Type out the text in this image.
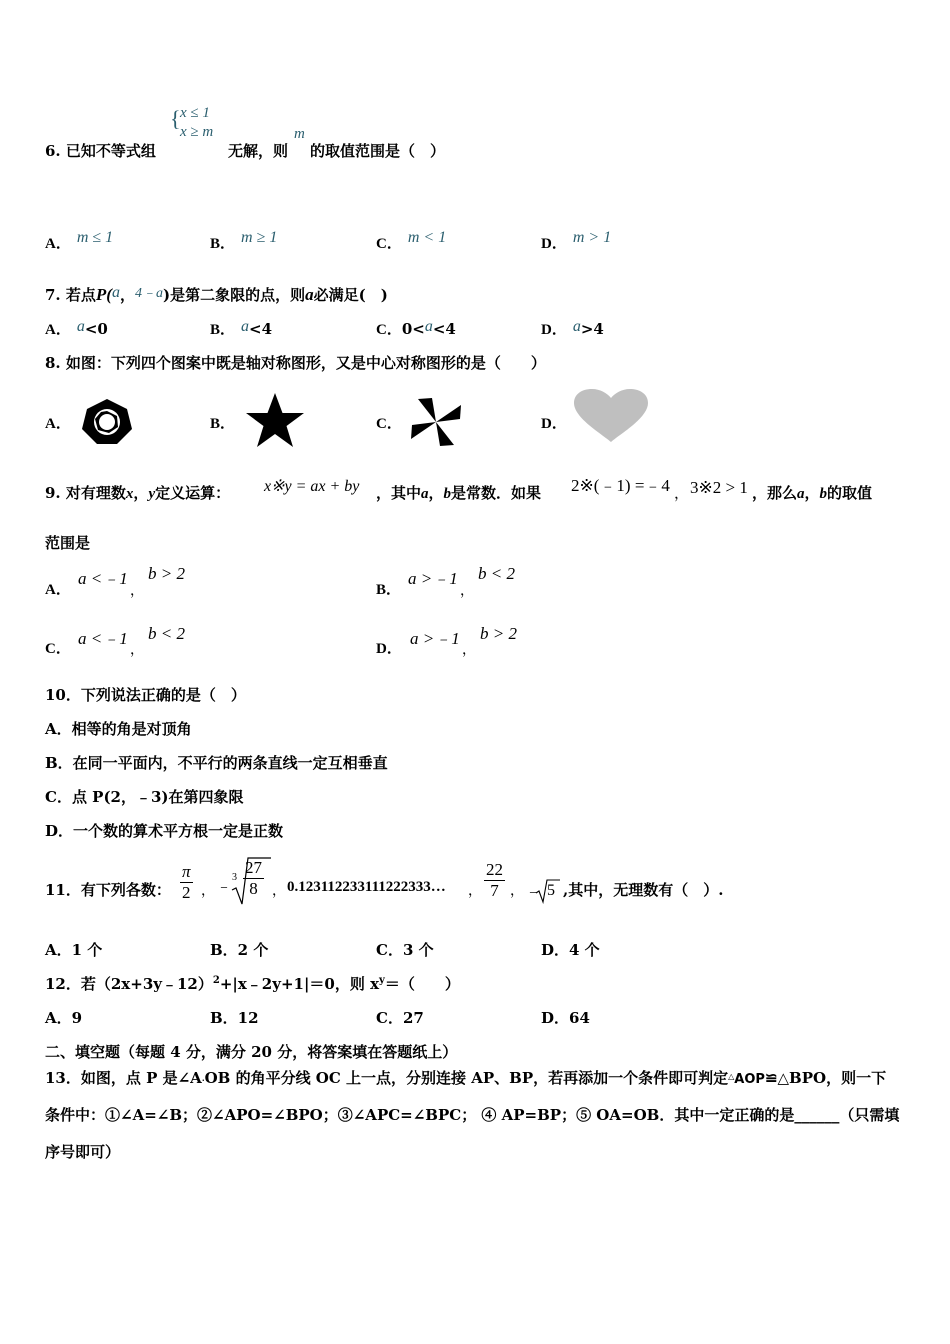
{ x ≤ 1
x ≥ m	m
6. 已知不等式组	无解，则 的取值范围是（　）
A． m ≤ 1	B． m ≥ 1	C． m < 1	D． m > 1
7. 若点P(a，4﹣a)是第二象限的点，则a必满足(　)
A． a<0	B． a<4	C．0<a<4	D． a>4
8. 如图：下列四个图案中既是轴对称图形，又是中心对称图形的是（　　）
A．	B．	C．	D．
9. 对有理数x，y定义运算： x※y = ax + by ，其中a，b是常数．如果 2※(﹣1) =﹣4 ， 3※2 > 1 ，那么a，b的取值
范围是
A．
a <﹣1
，
b > 2
B．
a >﹣1
，
b < 2
C．
a <﹣1
，
b < 2
D．
a >﹣1
，
b > 2
10．下列说法正确的是（　）
A．相等的角是对顶角
B．在同一平面内，不平行的两条直线一定互相垂直
C．点 P(2，﹣3)在第四象限
D．一个数的算术平方根一定是正数
11．有下列各数： $\frac{\pi}{2}$ ， ﹣
$3 \frac{27}{8}$ ， 0.123112233111222333… ， $\frac{22}{7}$ ， ﹣ 5 ,其中，无理数有（　）.
A．1 个	B．2 个	C．3 个	D．4 个
12．若（2x+3y﹣12）$^2$+|x﹣2y+1|＝0，则 $x^y=$（　　）
A．9	B．12	C．27	D．64
二、填空题（每题 4 分，满分 20 分，将答案填在答题纸上）
13．如图，点 P 是∠A·OB 的角平分线 OC 上一点，分别连接 AP、BP，若再添加一个条件即可判定△AOP≌△BPO，则一下
条件中：①∠A=∠B；②∠APO=∠BPO；③∠APC=∠BPC； ④ AP=BP；⑤ OA=OB．其中一定正确的是______（只需填
序号即可）
